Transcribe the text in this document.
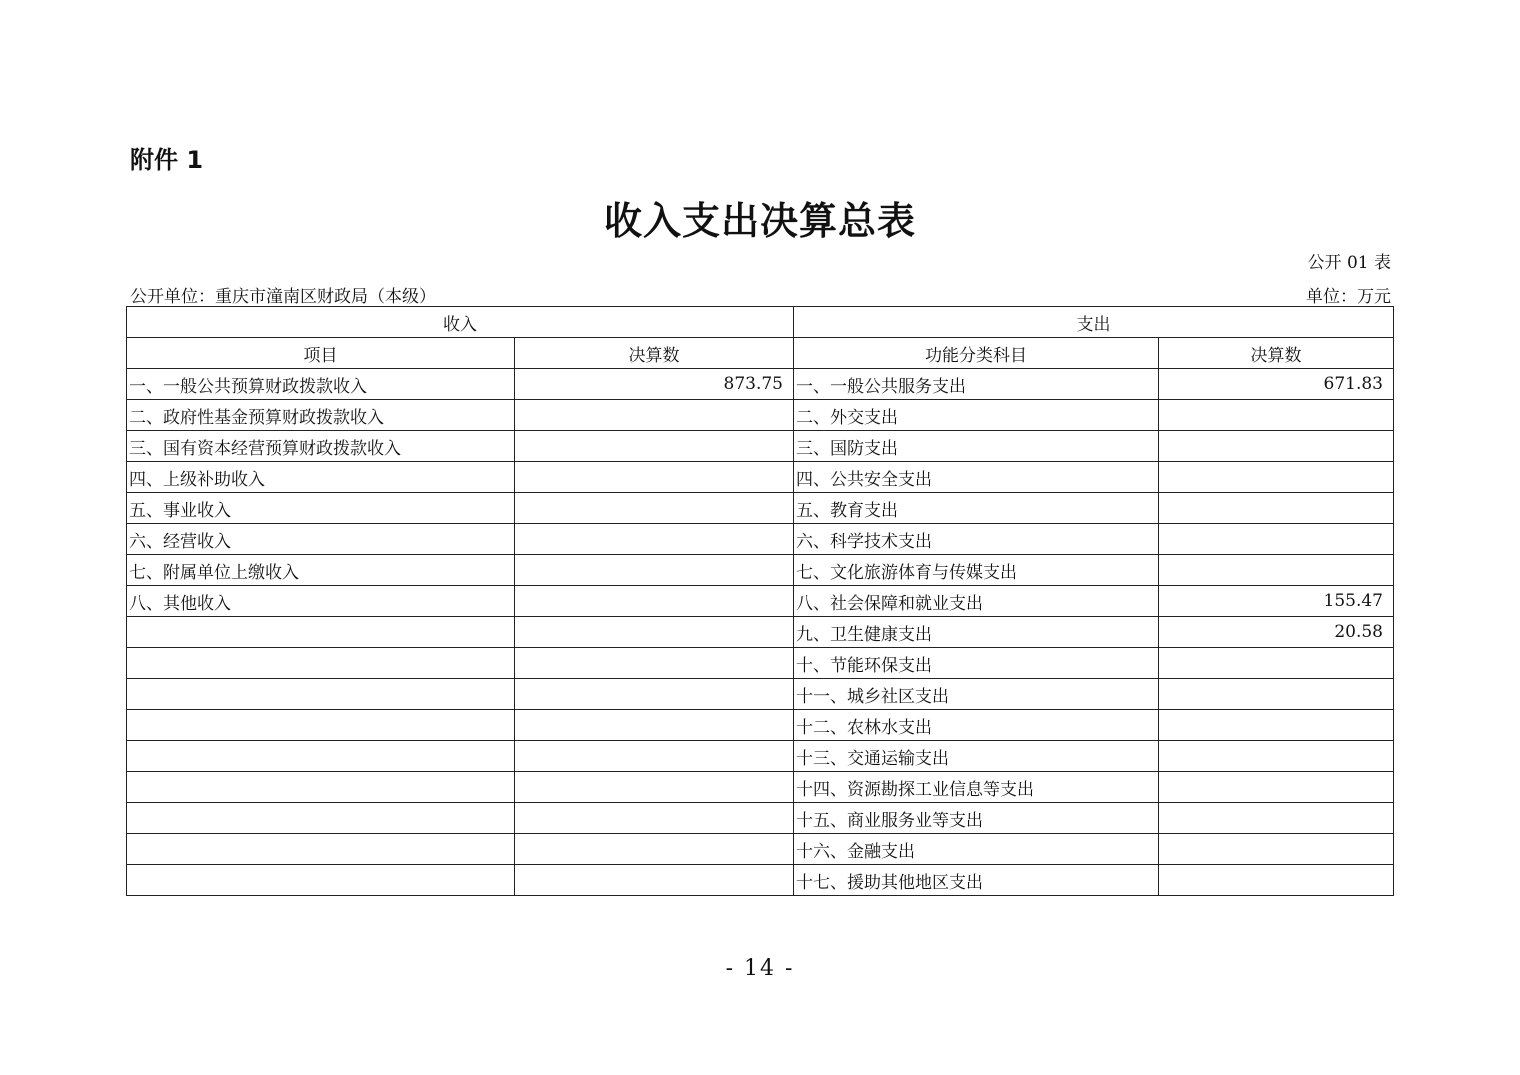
附件 1
收入支出决算总表
公开 01 表
公开单位：重庆市潼南区财政局（本级）	单位：万元
收入		支出	
项目	决算数	功能分类科目	决算数
一、一般公共预算财政拨款收入	873.75	一、一般公共服务支出	671.83
二、政府性基金预算财政拨款收入		二、外交支出	
三、国有资本经营预算财政拨款收入		三、国防支出	
四、上级补助收入		四、公共安全支出	
五、事业收入		五、教育支出	
六、经营收入		六、科学技术支出	
七、附属单位上缴收入		七、文化旅游体育与传媒支出	
八、其他收入		八、社会保障和就业支出	155.47
		九、卫生健康支出	20.58
		十、节能环保支出	
		十一、城乡社区支出	
		十二、农林水支出	
		十三、交通运输支出	
		十四、资源勘探工业信息等支出	
		十五、商业服务业等支出	
		十六、金融支出	
		十七、援助其他地区支出	
- 14 -
